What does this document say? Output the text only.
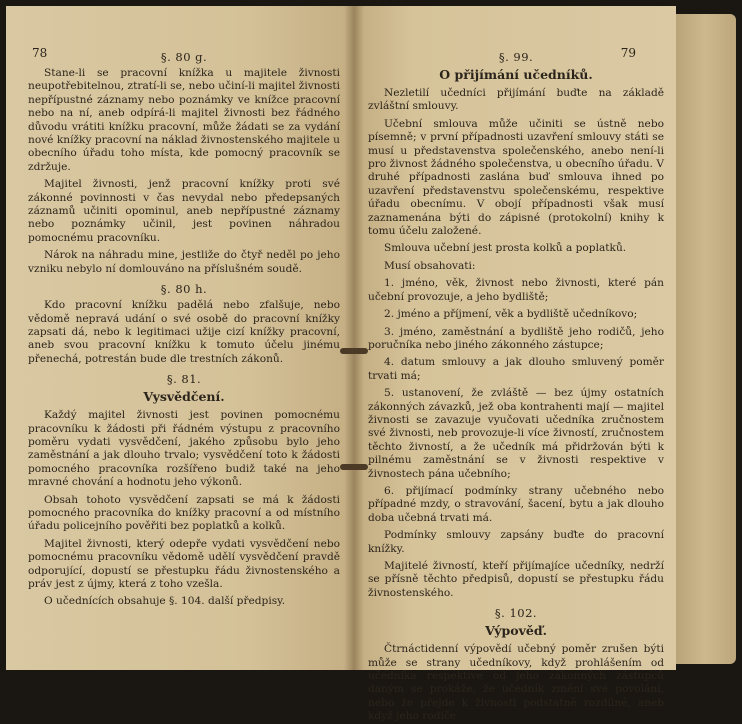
78	§. 80 g.

Stane-li se pracovní knížka u majitele živnosti neupotřebitelnou, ztratí-li se, nebo učiní-li majitel živnosti nepřípustné záznamy nebo poznámky ve knížce pracovní nebo na ní, aneb odpírá-li majitel živnosti bez řádného důvodu vrátiti knížku pracovní, může žádati se za vydání nové knížky pracovní na náklad živnostenského majitele u obecního úřadu toho místa, kde pomocný pracovník se zdržuje.

Majitel živnosti, jenž pracovní knížky proti své zákonné povinnosti v čas nevydal nebo předepsaných záznamů učiniti opominul, aneb nepřípustné záznamy nebo poznámky učinil, jest povinen náhradou pomocnému pracovníku.

Nárok na náhradu mine, jestliže do čtyř neděl po jeho vzniku nebylo ní domlouváno na příslušném soudě.

§. 80 h.

Kdo pracovní knížku padělá nebo zfalšuje, nebo vědomě nepravá udání o své osobě do pracovní knížky zapsati dá, nebo k legitimaci užije cizí knížky pracovní, aneb svou pracovní knížku k tomuto účelu jinému přenechá, potrestán bude dle trestních zákonů.

§. 81.
Vysvědčení.

Každý majitel živnosti jest povinen pomocnému pracovníku k žádosti při řádném výstupu z pracovního poměru vydati vysvědčení, jakého způsobu bylo jeho zaměstnání a jak dlouho trvalo; vysvědčení toto k žádosti pomocného pracovníka rozšířeno budiž také na jeho mravné chování a hodnotu jeho výkonů.

Obsah tohoto vysvědčení zapsati se má k žádosti pomocného pracovníka do knížky pracovní a od místního úřadu policejního pověřiti bez poplatků a kolků.

Majitel živnosti, který odepře vydati vysvědčení nebo pomocnému pracovníku vědomě udělí vysvědčení pravdě odporující, dopustí se přestupku řádu živnostenského a práv jest z újmy, která z toho vzešla.

O učednících obsahuje §. 104. další předpisy.

79
§. 99.
O přijímání učedníků.

Nezletilí učedníci přijímání buďte na základě zvláštní smlouvy.

Učební smlouva může učiniti se ústně nebo písemně; v první případnosti uzavření smlouvy státi se musí u představenstva společenského, anebo není-li pro živnost žádného společenstva, u obecního úřadu. V druhé případnosti zaslána buď smlouva ihned po uzavření představenstvu společenskému, respektive úřadu obecnímu. V obojí případnosti však musí zaznamenána býti do zápisné (protokolní) knihy k tomu účelu založené.

Smlouva učební jest prosta kolků a poplatků.

Musí obsahovati:

1. jméno, věk, živnost nebo živnosti, které pán učební provozuje, a jeho bydliště;

2. jméno a příjmení, věk a bydliště učedníkovo;

3. jméno, zaměstnání a bydliště jeho rodičů, jeho poručníka nebo jiného zákonného zástupce;

4. datum smlouvy a jak dlouho smluvený poměr trvati má;

5. ustanovení, že zvláště — bez újmy ostatních zákonných závazků, jež oba kontrahenti mají — majitel živnosti se zavazuje vyučovati učedníka zručnostem své živnosti, neb provozuje-li více živností, zručnostem těchto živností, a že učedník má přidržován býti k pilnému zaměstnání se v živnosti respektive v živnostech pána učebního;

6. přijímací podmínky strany učebného nebo případné mzdy, o stravování, šacení, bytu a jak dlouho doba učebná trvati má.

Podmínky smlouvy zapsány buďte do pracovní knížky.

Majitelé živností, kteří přijímajíce učedníky, nedrží se přísně těchto předpisů, dopustí se přestupku řádu živnostenského.

§. 102.
Výpověď.

Čtrnáctidenní výpovědí učebný poměr zrušen býti může se strany učedníkovy, když prohlášením od učedníka respektive od jeho zákonných zástupců daným se prokáže, že učedník změní své povolání, nebo že přejde k živnosti podstatně rozdílné, aneb když jeho rodiče
